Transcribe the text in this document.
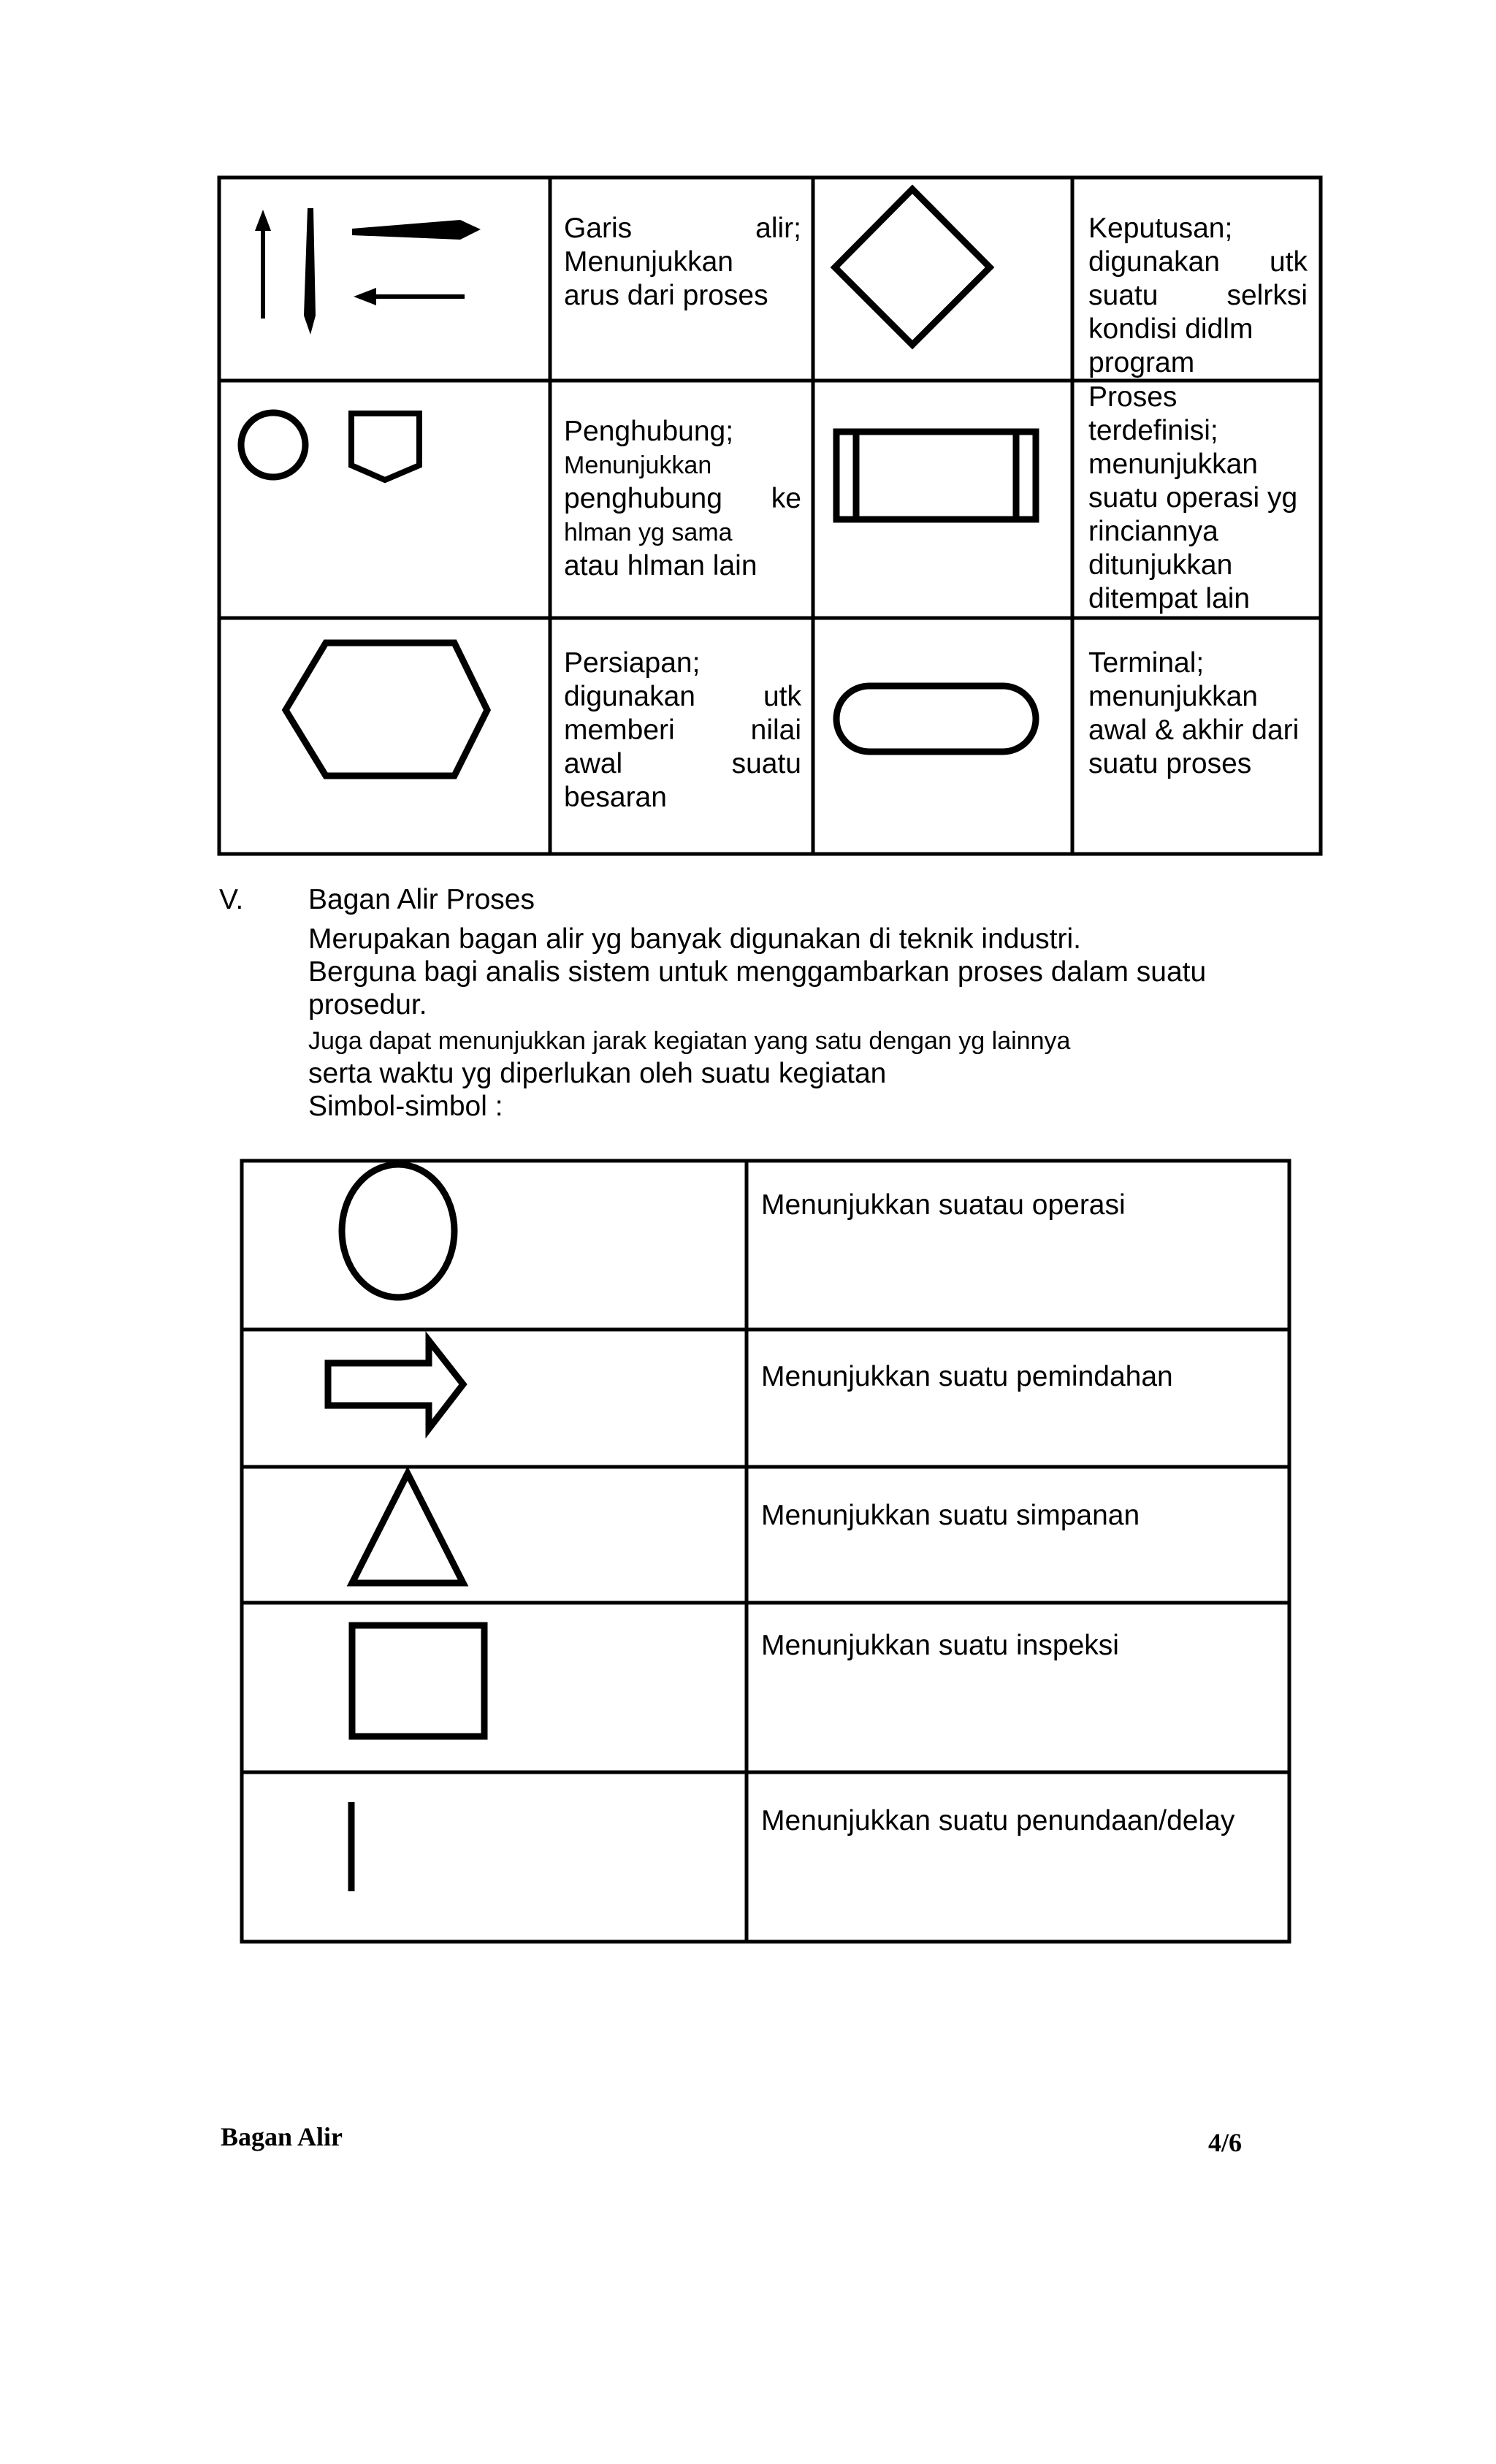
Garis alir;
Menunjukkan
arus dari proses
Keputusan;
digunakan utk
suatu selrksi
kondisi didlm
program
Penghubung;
Menunjukkan
penghubung ke
hlman yg sama
atau hlman lain
Proses
terdefinisi;
menunjukkan
suatu operasi yg
rinciannya
ditunjukkan
ditempat lain
Persiapan;
digunakan utk
memberi nilai
awal suatu
besaran
Terminal;
menunjukkan
awal & akhir dari
suatu proses
V. Bagan Alir Proses
Merupakan bagan alir yg banyak digunakan di teknik industri.
Berguna bagi analis sistem untuk menggambarkan proses dalam suatu
prosedur.
Juga dapat menunjukkan jarak kegiatan yang satu dengan yg lainnya
serta waktu yg diperlukan oleh suatu kegiatan
Simbol-simbol :
Menunjukkan suatau operasi
Menunjukkan suatu pemindahan
Menunjukkan suatu simpanan
Menunjukkan suatu inspeksi
Menunjukkan suatu penundaan/delay
Bagan Alir	4/6
